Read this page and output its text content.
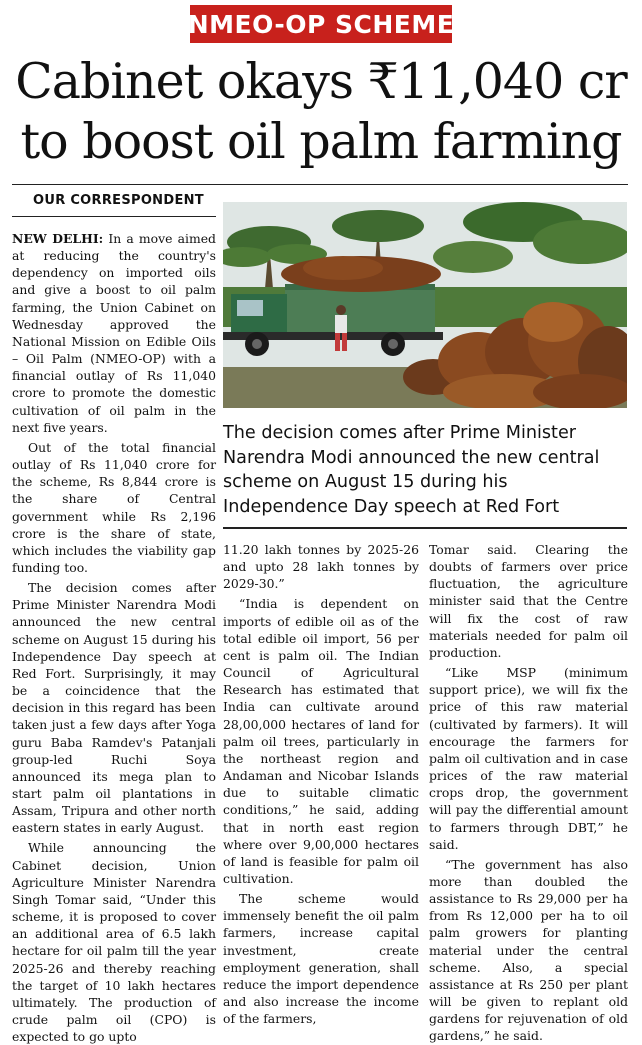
NMEO-OP SCHEME
Cabinet okays ₹11,040 cr
to boost oil palm farming
OUR CORRESPONDENT

NEW DELHI: In a move aimed at reducing the country's dependency on imported oils and give a boost to oil palm farming, the Union Cabinet on Wednesday approved the National Mission on Edible Oils – Oil Palm (NMEO-OP) with a financial outlay of Rs 11,040 crore to promote the domestic cultivation of oil palm in the next five years.

Out of the total financial outlay of Rs 11,040 crore for the scheme, Rs 8,844 crore is the share of Central government while Rs 2,196 crore is the share of state, which includes the viability gap funding too.

The decision comes after Prime Minister Narendra Modi announced the new central scheme on August 15 during his Independence Day speech at Red Fort. Surprisingly, it may be a coincidence that the decision in this regard has been taken just a few days after Yoga guru Baba Ramdev's Patanjali group-led Ruchi Soya announced its mega plan to start palm oil plantations in Assam, Tripura and other north eastern states in early August.

While announcing the Cabinet decision, Union Agriculture Minister Narendra Singh Tomar said, “Under this scheme, it is proposed to cover an additional area of 6.5 lakh hectare for oil palm till the year 2025-26 and thereby reaching the target of 10 lakh hectares ultimately. The production of crude palm oil (CPO) is expected to go upto

The decision comes after Prime Minister Narendra Modi announced the new central scheme on August 15 during his Independence Day speech at Red Fort

11.20 lakh tonnes by 2025-26 and upto 28 lakh tonnes by 2029-30.”

“India is dependent on imports of edible oil as of the total edible oil import, 56 per cent is palm oil. The Indian Council of Agricultural Research has estimated that India can cultivate around 28,00,000 hectares of land for palm oil trees, particularly in the northeast region and Andaman and Nicobar Islands due to suitable climatic conditions,” he said, adding that in north east region where over 9,00,000 hectares of land is feasible for palm oil cultivation.

The scheme would immensely benefit the oil palm farmers, increase capital investment, create employment generation, shall reduce the import dependence and also increase the income of the farmers,

Tomar said. Clearing the doubts of farmers over price fluctuation, the agriculture minister said that the Centre will fix the cost of raw materials needed for palm oil production.

“Like MSP (minimum support price), we will fix the price of this raw material (cultivated by farmers). It will encourage the farmers for palm oil cultivation and in case prices of the raw material crops drop, the government will pay the differential amount to farmers through DBT,” he said.

“The government has also more than doubled the assistance to Rs 29,000 per ha from Rs 12,000 per ha to oil palm growers for planting material under the central scheme. Also, a special assistance at Rs 250 per plant will be given to replant old gardens for rejuvenation of old gardens,” he said.
